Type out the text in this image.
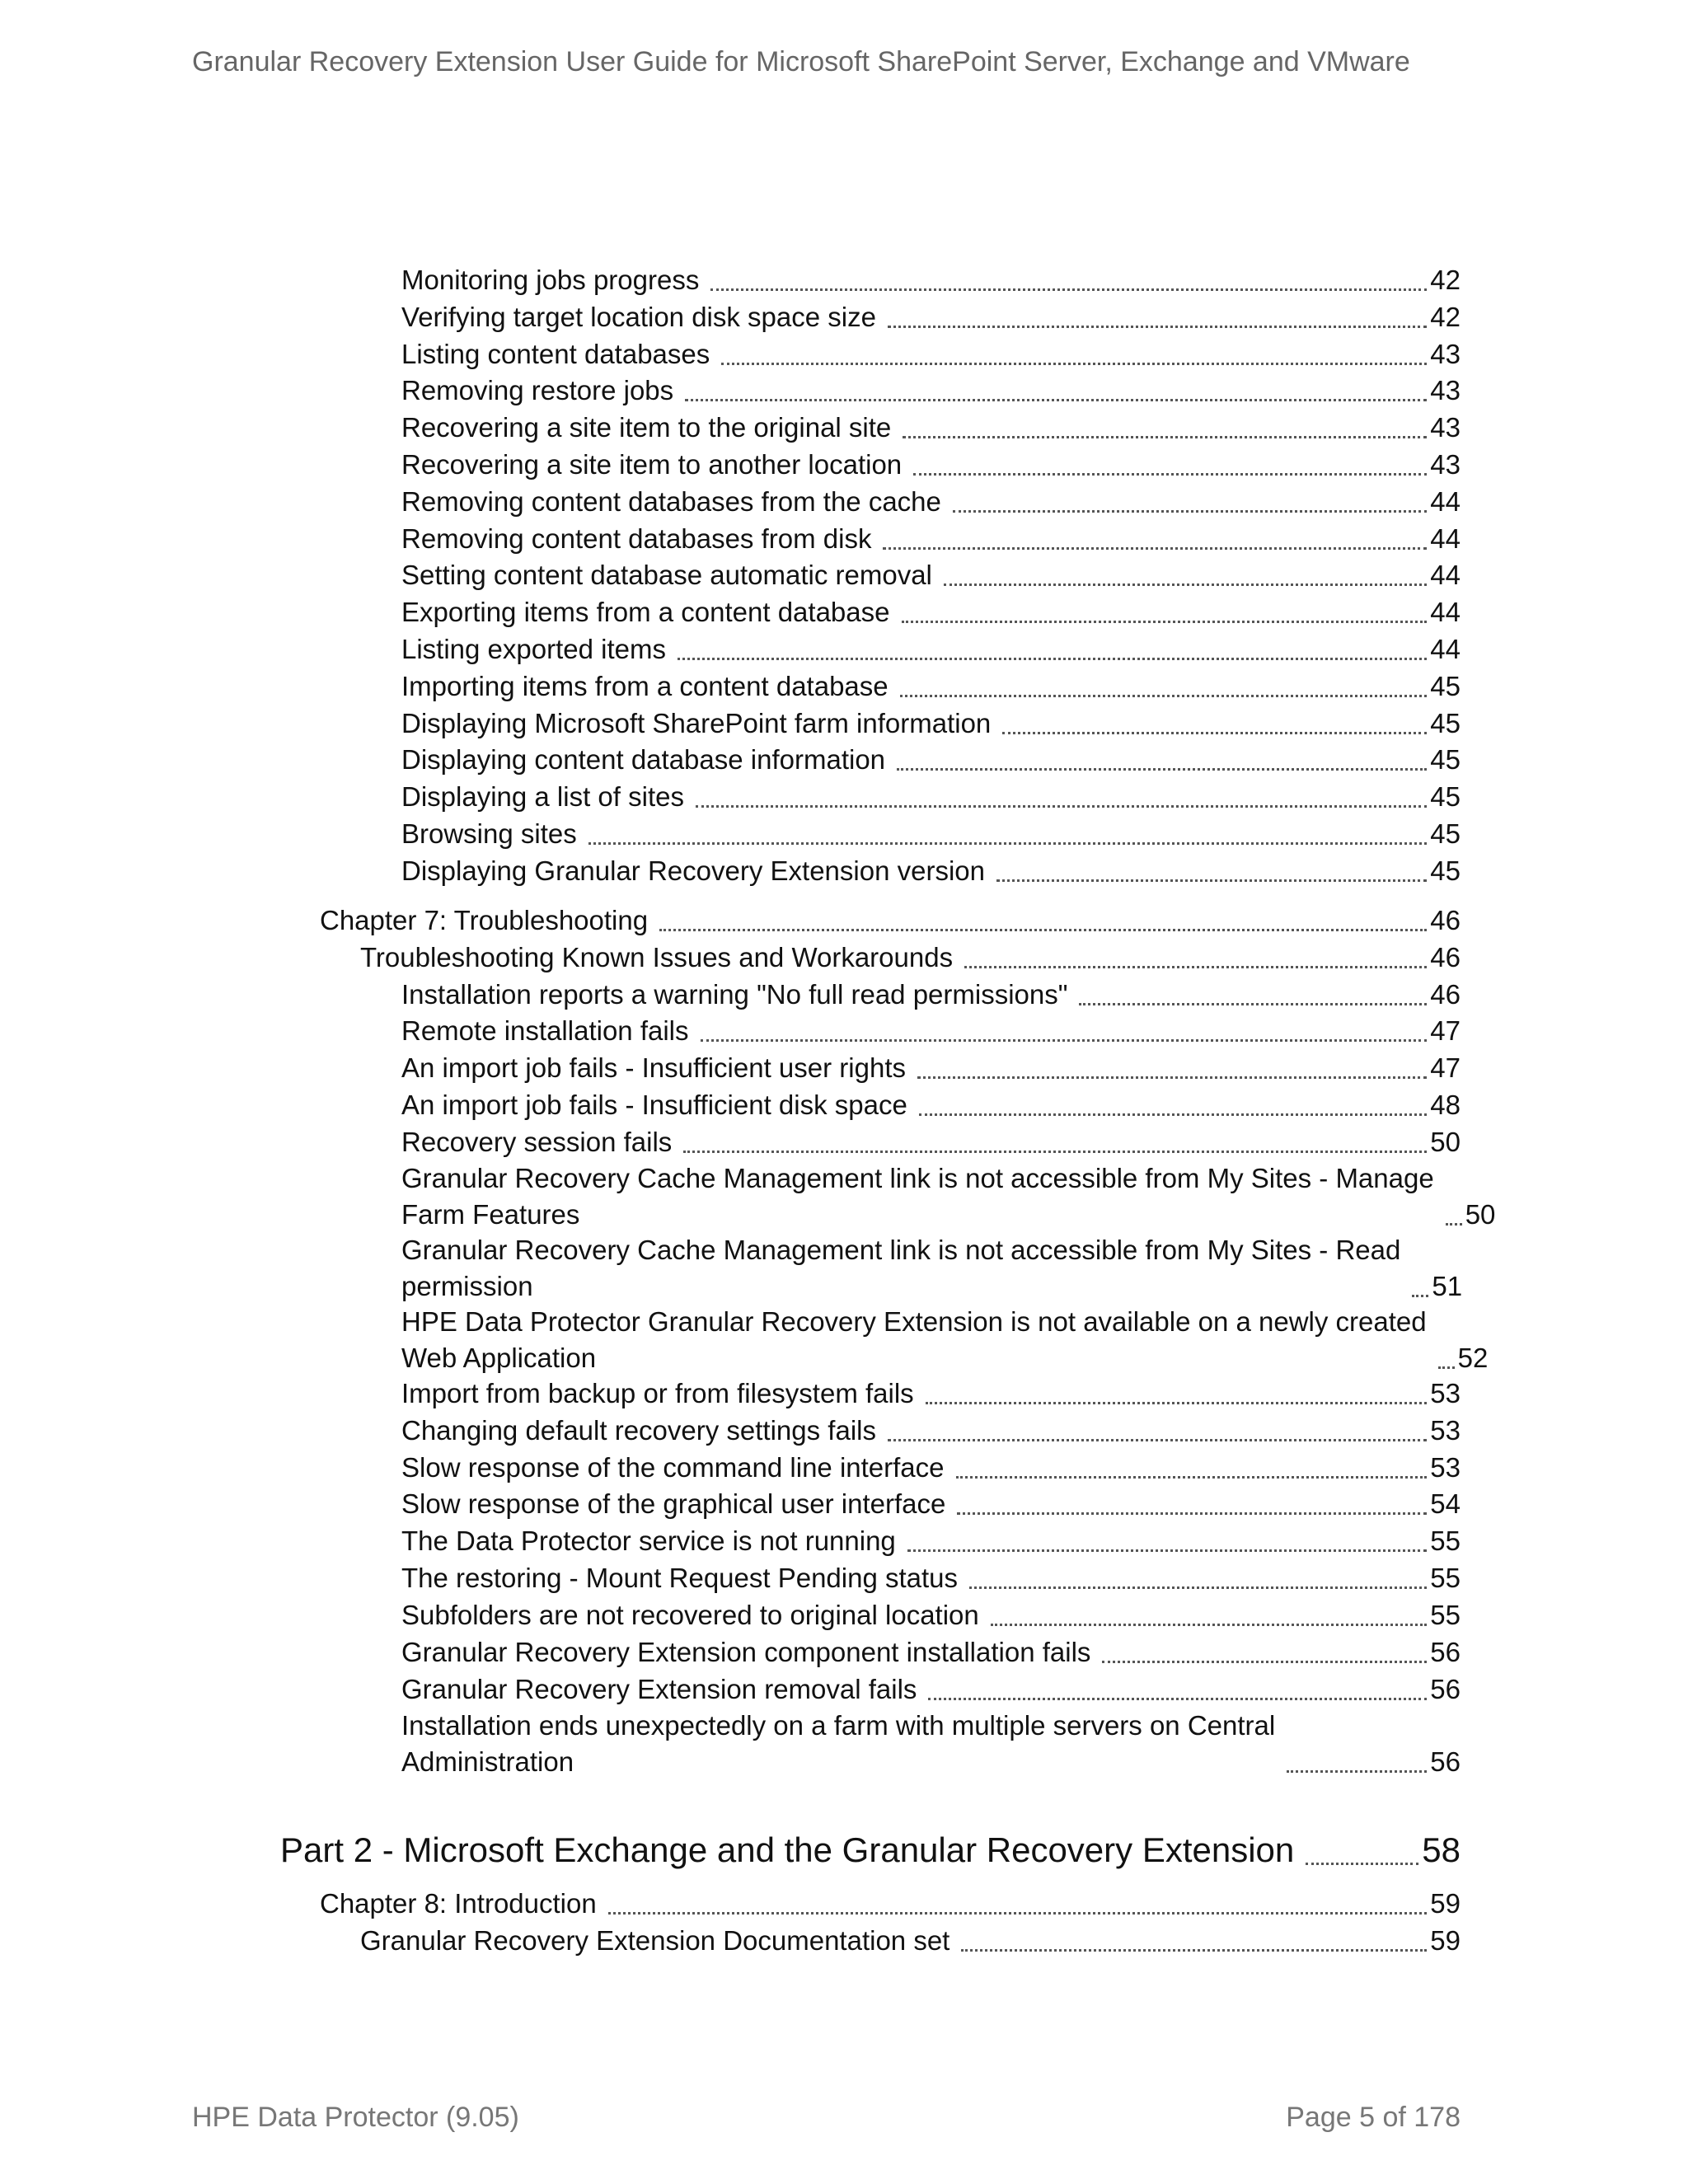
Granular Recovery Extension User Guide for Microsoft SharePoint Server, Exchange and VMware
Monitoring jobs progress	42
Verifying target location disk space size	42
Listing content databases	43
Removing restore jobs	43
Recovering a site item to the original site	43
Recovering a site item to another location	43
Removing content databases from the cache	44
Removing content databases from disk	44
Setting content database automatic removal	44
Exporting items from a content database	44
Listing exported items	44
Importing items from a content database	45
Displaying Microsoft SharePoint farm information	45
Displaying content database information	45
Displaying a list of sites	45
Browsing sites	45
Displaying Granular Recovery Extension version	45
Chapter 7: Troubleshooting	46
Troubleshooting Known Issues and Workarounds	46
Installation reports a warning "No full read permissions"	46
Remote installation fails	47
An import job fails - Insufficient user rights	47
An import job fails - Insufficient disk space	48
Recovery session fails	50
Granular Recovery Cache Management link is not accessible from My Sites - Manage
Farm Features	50
Granular Recovery Cache Management link is not accessible from My Sites - Read
permission	51
HPE Data Protector Granular Recovery Extension is not available on a newly created
Web Application	52
Import from backup or from filesystem fails	53
Changing default recovery settings fails	53
Slow response of the command line interface	53
Slow response of the graphical user interface	54
The Data Protector service is not running	55
The restoring - Mount Request Pending status	55
Subfolders are not recovered to original location	55
Granular Recovery Extension component installation fails	56
Granular Recovery Extension removal fails	56
Installation ends unexpectedly on a farm with multiple servers on Central
Administration	56
Part 2 - Microsoft Exchange and the Granular Recovery Extension	58
Chapter 8: Introduction	59
Granular Recovery Extension Documentation set	59
HPE Data Protector (9.05)	Page 5 of 178
